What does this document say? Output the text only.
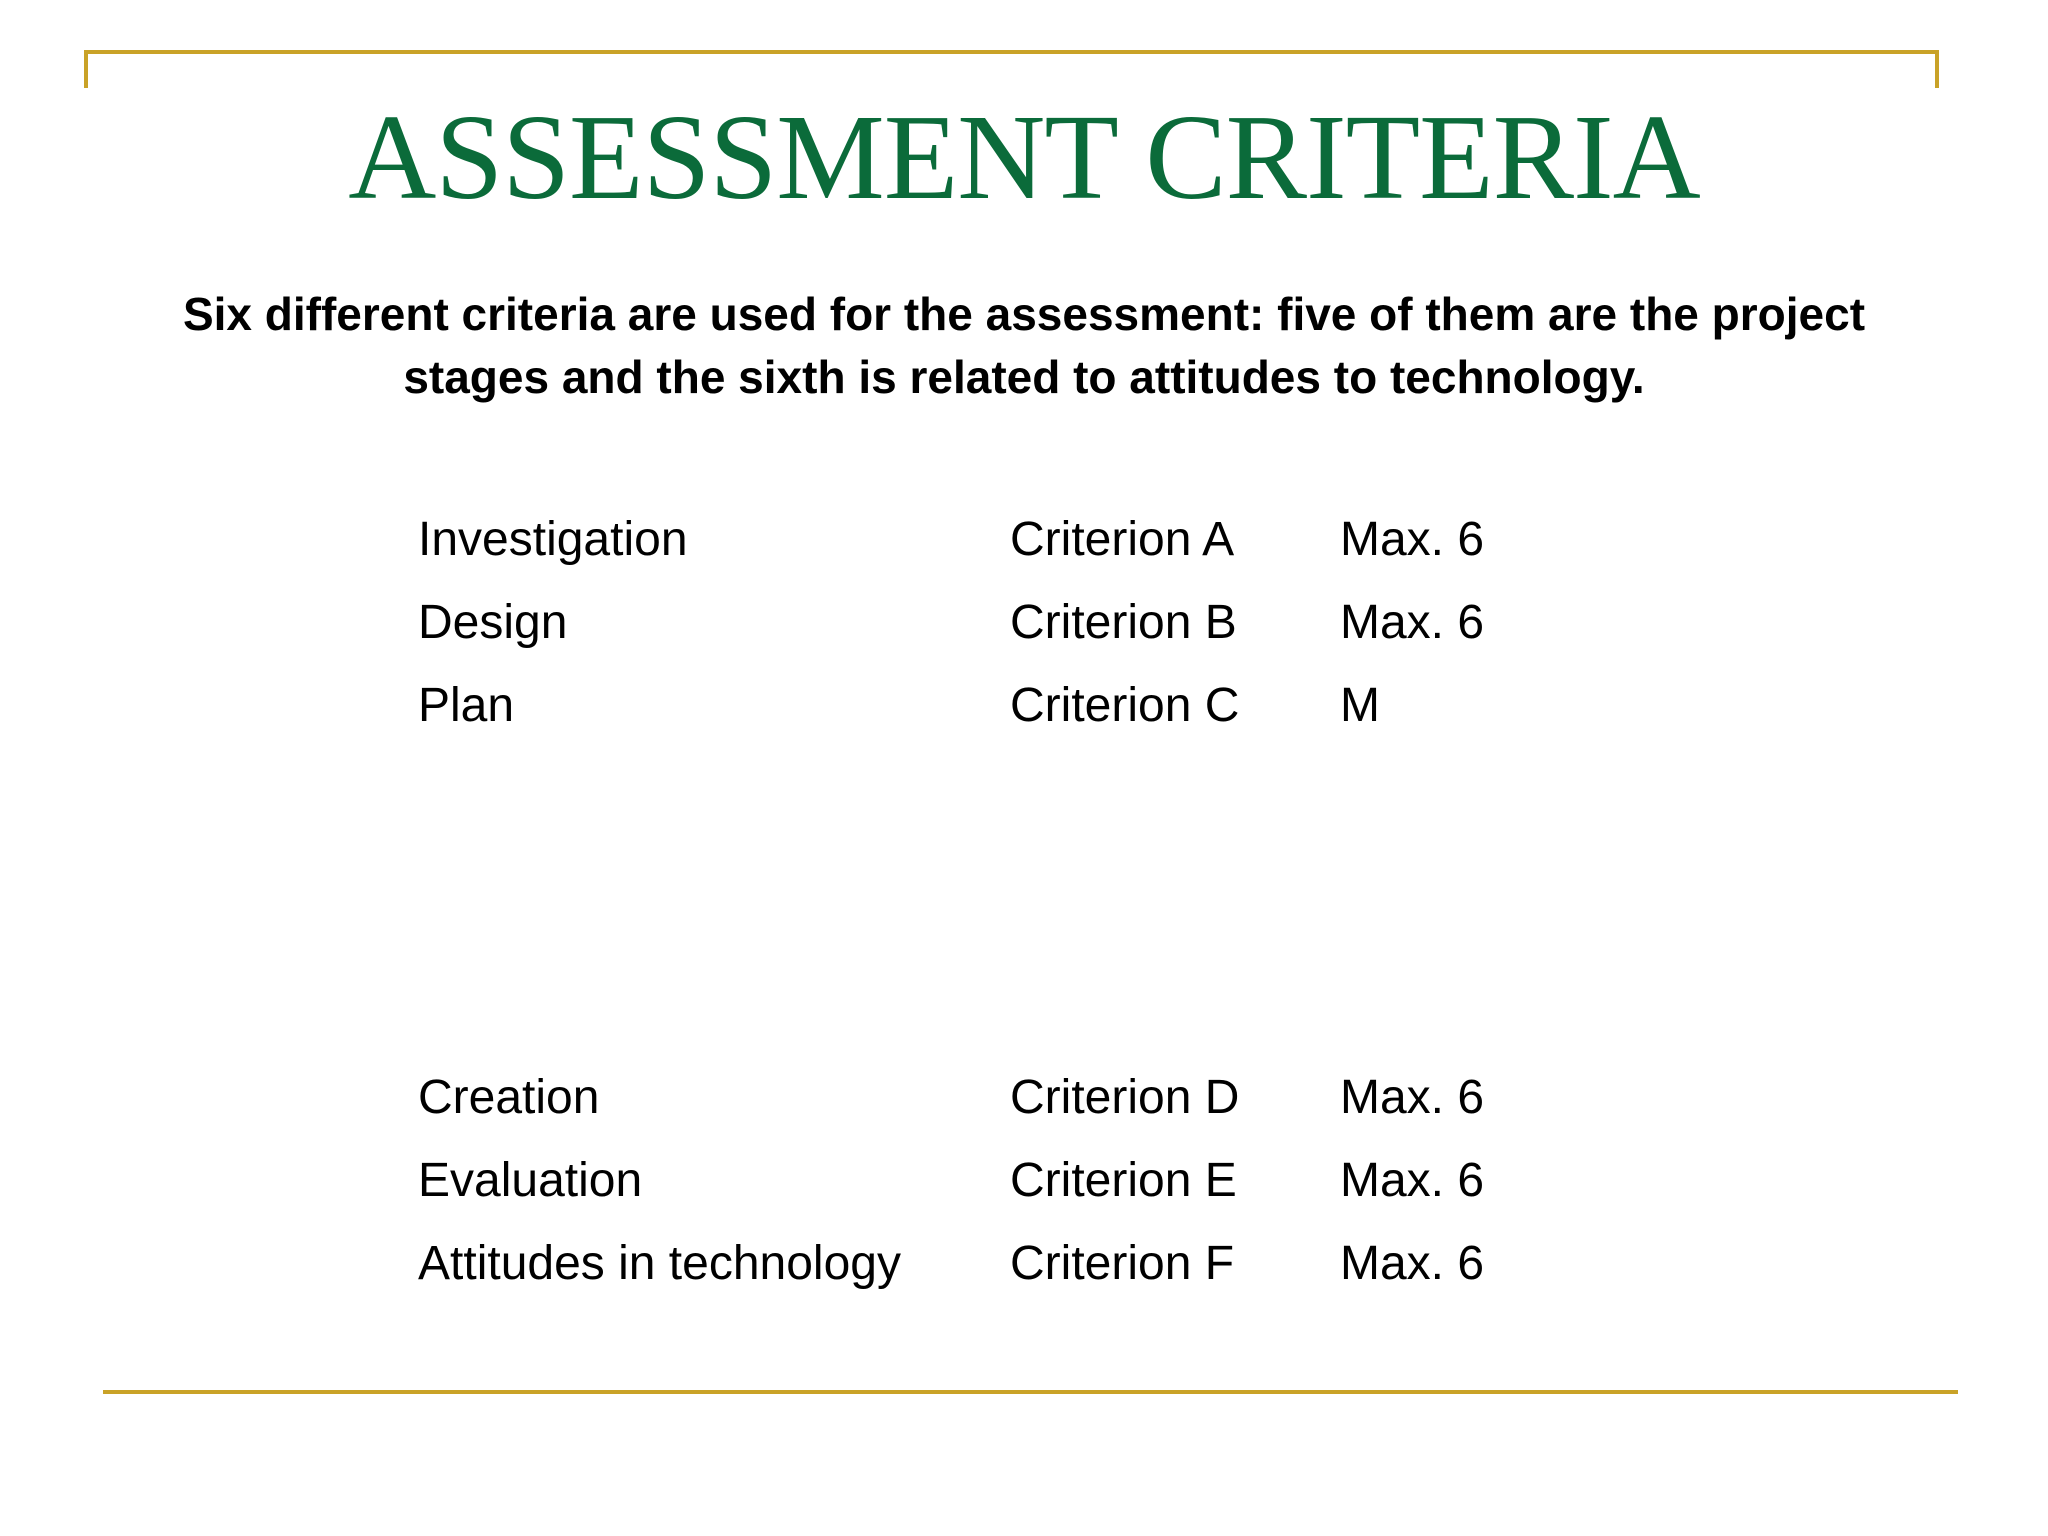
ASSESSMENT CRITERIA
Six different criteria are used for the assessment: five of them are the project stages and the sixth is related to attitudes to technology.
Investigation	Criterion A Max. 6
Design	Criterion B Max. 6
Plan	Criterion C M
Creation	Criterion D Max. 6
Evaluation	Criterion E Max. 6
Attitudes in technology Criterion F Max. 6
